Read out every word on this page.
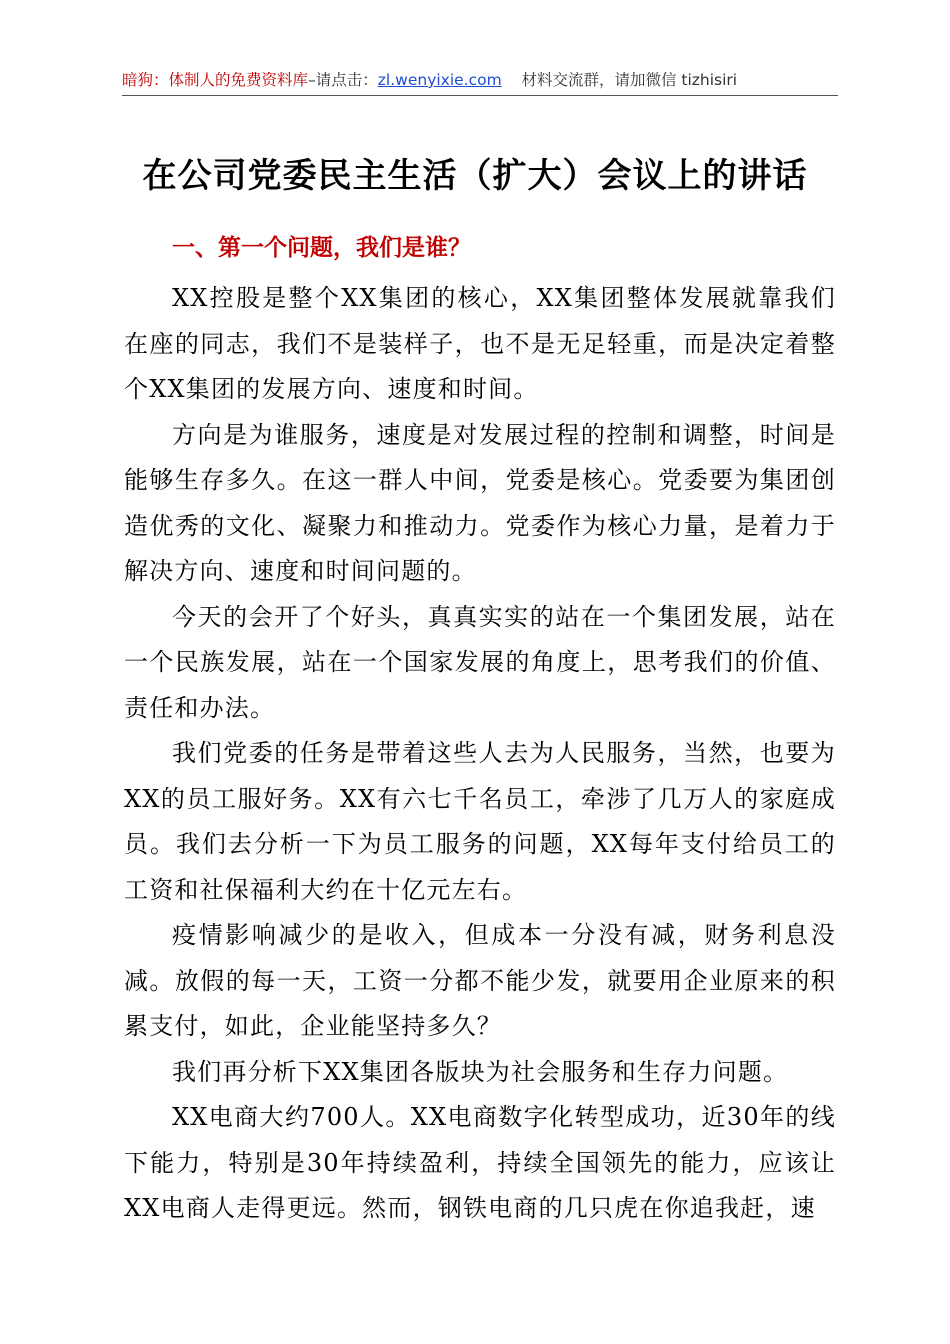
暗狗：体制人的免费资料库–请点击：zl.wenyixie.com 材料交流群，请加微信 tizhisiri
在公司党委民主生活（扩大）会议上的讲话
一、第一个问题，我们是谁？

XX控股是整个XX集团的核心，XX集团整体发展就靠我们在座的同志，我们不是装样子，也不是无足轻重，而是决定着整个XX集团的发展方向、速度和时间。

方向是为谁服务，速度是对发展过程的控制和调整，时间是能够生存多久。在这一群人中间，党委是核心。党委要为集团创造优秀的文化、凝聚力和推动力。党委作为核心力量，是着力于解决方向、速度和时间问题的。

今天的会开了个好头，真真实实的站在一个集团发展，站在一个民族发展，站在一个国家发展的角度上，思考我们的价值、责任和办法。

我们党委的任务是带着这些人去为人民服务，当然，也要为XX的员工服好务。XX有六七千名员工，牵涉了几万人的家庭成员。我们去分析一下为员工服务的问题，XX每年支付给员工的工资和社保福利大约在十亿元左右。

疫情影响减少的是收入，但成本一分没有减，财务利息没减。放假的每一天，工资一分都不能少发，就要用企业原来的积累支付，如此，企业能坚持多久？

我们再分析下XX集团各版块为社会服务和生存力问题。

XX电商大约700人。XX电商数字化转型成功，近30年的线下能力，特别是30年持续盈利，持续全国领先的能力，应该让XX电商人走得更远。然而，钢铁电商的几只虎在你追我赶，速
